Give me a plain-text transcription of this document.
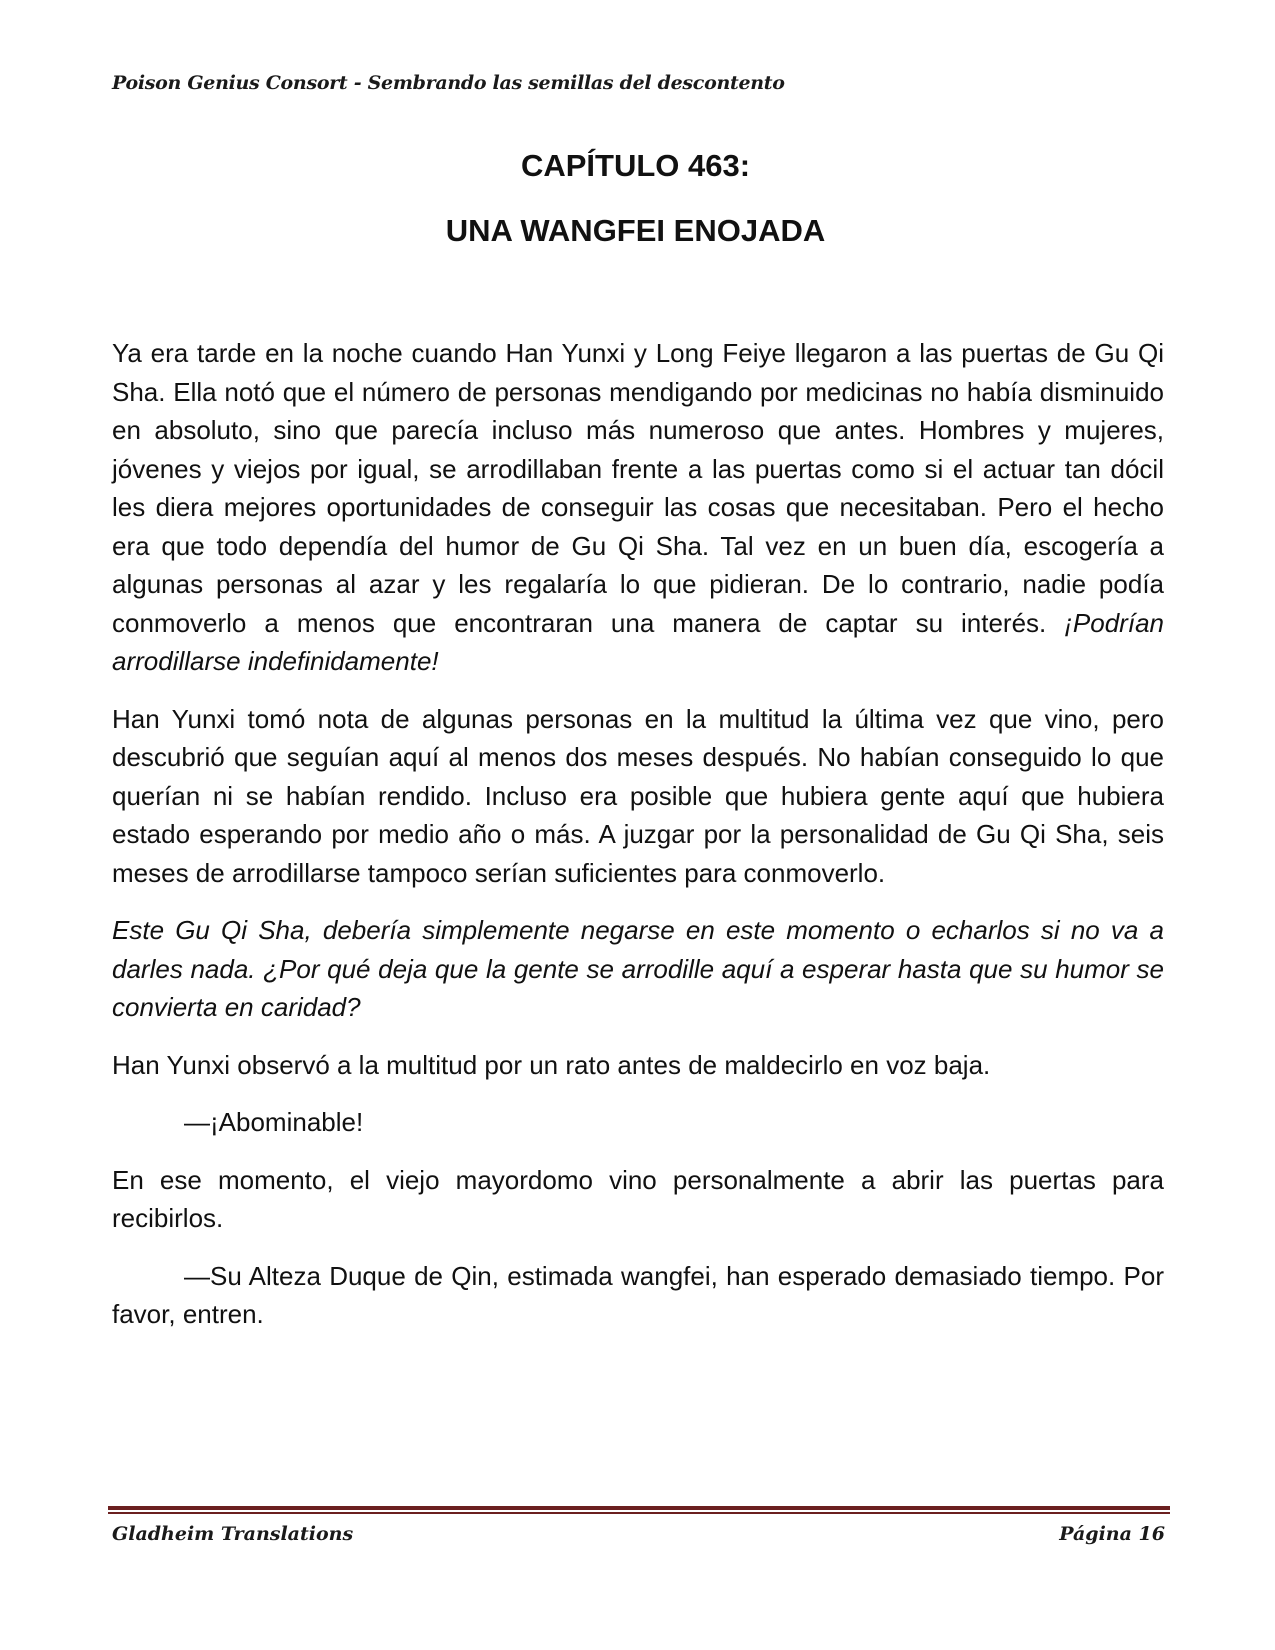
Poison Genius Consort - Sembrando las semillas del descontento
CAPÍTULO 463:
UNA WANGFEI ENOJADA

Ya era tarde en la noche cuando Han Yunxi y Long Feiye llegaron a las puertas de Gu Qi Sha. Ella notó que el número de personas mendigando por medicinas no había disminuido en absoluto, sino que parecía incluso más numeroso que antes. Hombres y mujeres, jóvenes y viejos por igual, se arrodillaban frente a las puertas como si el actuar tan dócil les diera mejores oportunidades de conseguir las cosas que necesitaban. Pero el hecho era que todo dependía del humor de Gu Qi Sha. Tal vez en un buen día, escogería a algunas personas al azar y les regalaría lo que pidieran. De lo contrario, nadie podía conmoverlo a menos que encontraran una manera de captar su interés. ¡Podrían arrodillarse indefinidamente!

Han Yunxi tomó nota de algunas personas en la multitud la última vez que vino, pero descubrió que seguían aquí al menos dos meses después. No habían conseguido lo que querían ni se habían rendido. Incluso era posible que hubiera gente aquí que hubiera estado esperando por medio año o más. A juzgar por la personalidad de Gu Qi Sha, seis meses de arrodillarse tampoco serían suficientes para conmoverlo.

Este Gu Qi Sha, debería simplemente negarse en este momento o echarlos si no va a darles nada. ¿Por qué deja que la gente se arrodille aquí a esperar hasta que su humor se convierta en caridad?

Han Yunxi observó a la multitud por un rato antes de maldecirlo en voz baja.

—¡Abominable!

En ese momento, el viejo mayordomo vino personalmente a abrir las puertas para recibirlos.

—Su Alteza Duque de Qin, estimada wangfei, han esperado demasiado tiempo. Por favor, entren.

Gladheim Translations	Página 16
